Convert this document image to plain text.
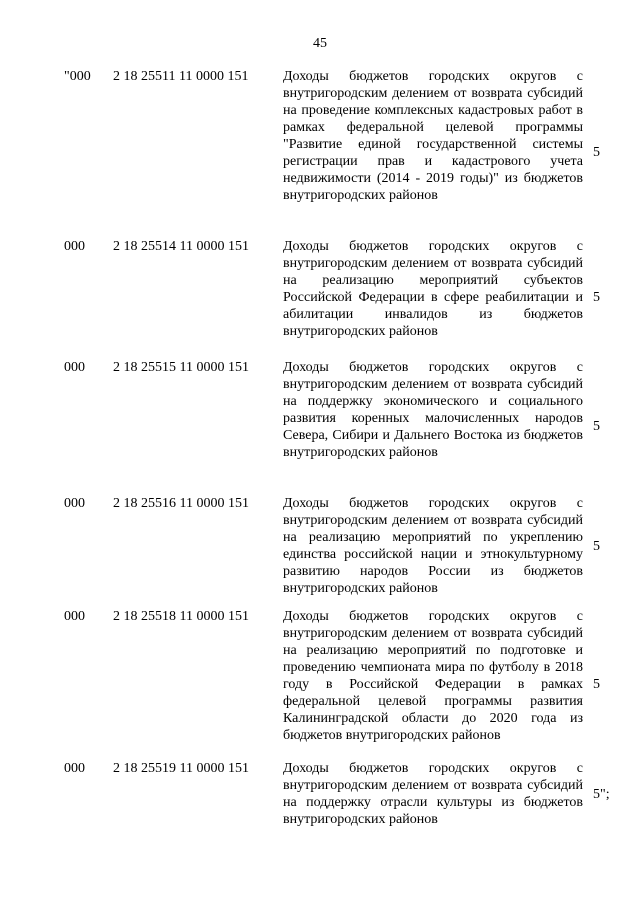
45
"000 2 18 25511 11 0000 151 Доходы бюджетов городских округов с внутригородским делением от возврата субсидий на проведение комплексных кадастровых работ в рамках федеральной целевой программы "Развитие единой государственной системы регистрации прав и кадастрового учета недвижимости (2014 - 2019 годы)" из бюджетов внутригородских районов
5
000 2 18 25514 11 0000 151 Доходы бюджетов городских округов с внутригородским делением от возврата субсидий на реализацию мероприятий субъектов Российской Федерации в сфере реабилитации и абилитации инвалидов из бюджетов внутригородских районов
5
000 2 18 25515 11 0000 151 Доходы бюджетов городских округов с внутригородским делением от возврата субсидий на поддержку экономического и социального развития коренных малочисленных народов Севера, Сибири и Дальнего Востока из бюджетов внутригородских районов
5
000 2 18 25516 11 0000 151 Доходы бюджетов городских округов с внутригородским делением от возврата субсидий на реализацию мероприятий по укреплению единства российской нации и этнокультурному развитию народов России из бюджетов внутригородских районов
5
000 2 18 25518 11 0000 151 Доходы бюджетов городских округов с внутригородским делением от возврата субсидий на реализацию мероприятий по подготовке и проведению чемпионата мира по футболу в 2018 году в Российской Федерации в рамках федеральной целевой программы развития Калининградской области до 2020 года из бюджетов внутригородских районов
5
000 2 18 25519 11 0000 151 Доходы бюджетов городских округов с внутригородским делением от возврата субсидий на поддержку отрасли культуры из бюджетов внутригородских районов
5";
